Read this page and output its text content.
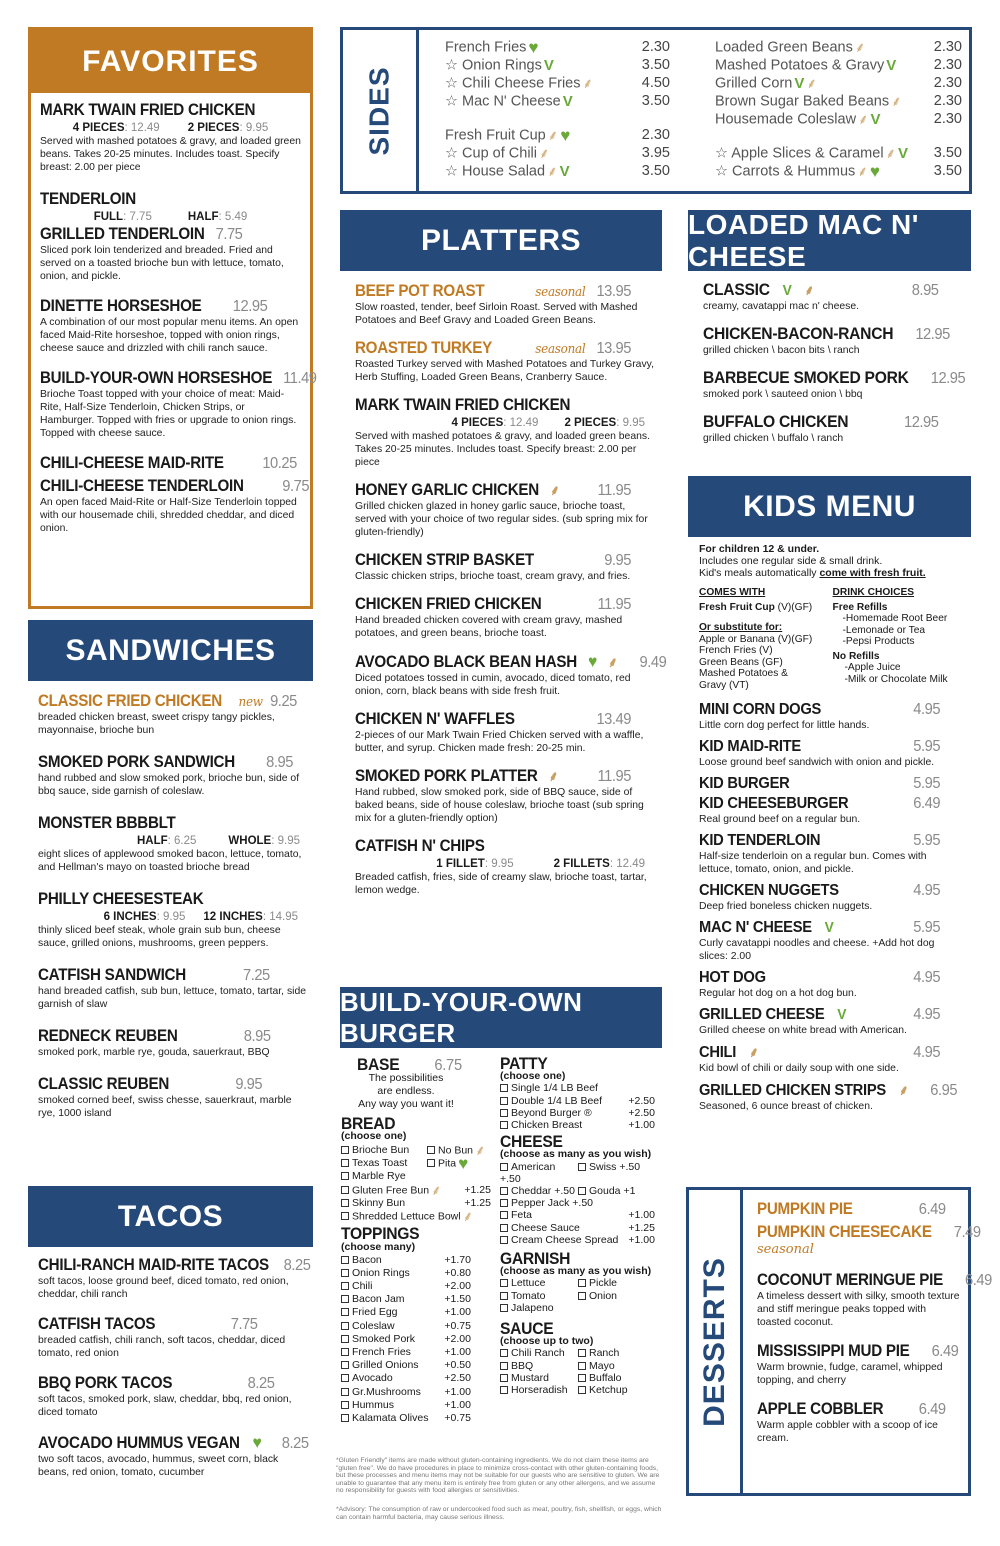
FAVORITES
MARK TWAIN FRIED CHICKEN
4 PIECES: 12.49 2 PIECES: 9.95
Served with mashed potatoes & gravy, and loaded green beans. Takes 20-25 minutes. Includes toast. Specify breast: 2.00 per piece
TENDERLOIN
FULL: 7.75	HALF: 5.49
GRILLED TENDERLOIN 7.75
Sliced pork loin tenderized and breaded. Fried and served on a toasted brioche bun with lettuce, tomato, onion, and pickle.
DINETTE HORSESHOE 12.95
A combination of our most popular menu items. An open faced Maid-Rite horseshoe, topped with onion rings, cheese sauce and drizzled with chili ranch sauce.
BUILD-YOUR-OWN HORSESHOE 11.49
Brioche Toast topped with your choice of meat: Maid-Rite, Half-Size Tenderloin, Chicken Strips, or Hamburger. Topped with fries or upgrade to onion rings. Topped with cheese sauce.
CHILI-CHEESE MAID-RITE 10.25
CHILI-CHEESE TENDERLOIN 9.75
An open faced Maid-Rite or Half-Size Tenderloin topped with our housemade chili, shredded cheddar, and diced onion.
SIDES
French Fries ♥	2.30
☆ Onion Rings V	3.50
☆ Chili Cheese Fries ⸙	4.50
☆ Mac N' Cheese V	3.50
Fresh Fruit Cup ⸙ ♥	2.30
☆ Cup of Chili ⸙	3.95
☆ House Salad ⸙ V	3.50
Loaded Green Beans ⸙	2.30
Mashed Potatoes & Gravy V	2.30
Grilled Corn V ⸙	2.30
Brown Sugar Baked Beans ⸙ 2.30
Housemade Coleslaw ⸙ V	2.30
☆ Apple Slices & Caramel ⸙ V 3.50
☆ Carrots & Hummus ⸙ ♥	3.50
PLATTERS
BEEF POT ROAST	seasonal 13.95
Slow roasted, tender, beef Sirloin Roast. Served with Mashed Potatoes and Beef Gravy and Loaded Green Beans.
ROASTED TURKEY	seasonal 13.95
Roasted Turkey served with Mashed Potatoes and Turkey Gravy, Herb Stuffing, Loaded Green Beans, Cranberry Sauce.
MARK TWAIN FRIED CHICKEN
4 PIECES: 12.49 2 PIECES: 9.95
Served with mashed potatoes & gravy, and loaded green beans. Takes 20-25 minutes. Includes toast. Specify breast: 2.00 per piece
HONEY GARLIC CHICKEN ⸙ 11.95
Grilled chicken glazed in honey garlic sauce, brioche toast, served with your choice of two regular sides. (sub spring mix for gluten-friendly)
CHICKEN STRIP BASKET	9.95
Classic chicken strips, brioche toast, cream gravy, and fries.
CHICKEN FRIED CHICKEN	11.95
Hand breaded chicken covered with cream gravy, mashed potatoes, and green beans, brioche toast.
AVOCADO BLACK BEAN HASH ♥ ⸙ 9.49
Diced potatoes tossed in cumin, avocado, diced tomato, red onion, corn, black beans with side fresh fruit.
CHICKEN N' WAFFLES	13.49
2-pieces of our Mark Twain Fried Chicken served with a waffle, butter, and syrup. Chicken made fresh: 20-25 min.
SMOKED PORK PLATTER ⸙ 11.95
Hand rubbed, slow smoked pork, side of BBQ sauce, side of baked beans, side of house coleslaw, brioche toast (sub spring mix for a gluten-friendly option)
CATFISH N' CHIPS
1 FILLET: 9.95	2 FILLETS: 12.49
Breaded catfish, fries, side of creamy slaw, brioche toast, tartar, lemon wedge.
LOADED MAC N' CHEESE
CLASSIC V ⸙	8.95
creamy, cavatappi mac n' cheese.
CHICKEN-BACON-RANCH 12.95
grilled chicken \ bacon bits \ ranch
BARBECUE SMOKED PORK 12.95
smoked pork \ sauteed onion \ bbq
BUFFALO CHICKEN	12.95
grilled chicken \ buffalo \ ranch
KIDS MENU
For children 12 & under.
Includes one regular side & small drink.
Kid's meals automatically come with fresh fruit.
COMES WITH
Fresh Fruit Cup (V)(GF)
Or substitute for:
Apple or Banana (V)(GF)
French Fries (V)
Green Beans (GF)
Mashed Potatoes &
Gravy (VT)
DRINK CHOICES
Free Refills
-Homemade Root Beer
-Lemonade or Tea
-Pepsi Products
No Refills
-Apple Juice
-Milk or Chocolate Milk
MINI CORN DOGS	4.95
Little corn dog perfect for little hands.
KID MAID-RITE	5.95
Loose ground beef sandwich with onion and pickle.
KID BURGER	5.95
KID CHEESEBURGER	6.49
Real ground beef on a regular bun.
KID TENDERLOIN	5.95
Half-size tenderloin on a regular bun. Comes with lettuce, tomato, onion, and pickle.
CHICKEN NUGGETS	4.95
Deep fried boneless chicken nuggets.
MAC N' CHEESE V	5.95
Curly cavatappi noodles and cheese. +Add hot dog slices: 2.00
HOT DOG	4.95
Regular hot dog on a hot dog bun.
GRILLED CHEESE V	4.95
Grilled cheese on white bread with American.
CHILI ⸙	4.95
Kid bowl of chili or daily soup with one side.
GRILLED CHICKEN STRIPS ⸙ 6.95
Seasoned, 6 ounce breast of chicken.
SANDWICHES
CLASSIC FRIED CHICKEN new 9.25
breaded chicken breast, sweet crispy tangy pickles, mayonnaise, brioche bun
SMOKED PORK SANDWICH 8.95
hand rubbed and slow smoked pork, brioche bun, side of bbq sauce, side garnish of coleslaw.
MONSTER BBBBLT
HALF: 6.25	WHOLE: 9.95
eight slices of applewood smoked bacon, lettuce, tomato, and Hellman's mayo on toasted brioche bread
PHILLY CHEESESTEAK
6 INCHES: 9.95 12 INCHES: 14.95
thinly sliced beef steak, whole grain sub bun, cheese sauce, grilled onions, mushrooms, green peppers.
CATFISH SANDWICH	7.25
hand breaded catfish, sub bun, lettuce, tomato, tartar, side garnish of slaw
REDNECK REUBEN	8.95
smoked pork, marble rye, gouda, sauerkraut, BBQ
CLASSIC REUBEN	9.95
smoked corned beef, swiss chesse, sauerkraut, marble rye, 1000 island
TACOS
CHILI-RANCH MAID-RITE TACOS 8.25
soft tacos, loose ground beef, diced tomato, red onion, cheddar, chili ranch
CATFISH TACOS	7.75
breaded catfish, chili ranch, soft tacos, cheddar, diced tomato, red onion
BBQ PORK TACOS	8.25
soft tacos, smoked pork, slaw, cheddar, bbq, red onion, diced tomato
AVOCADO HUMMUS VEGAN ♥ 8.25
two soft tacos, avocado, hummus, sweet corn, black beans, red onion, tomato, cucumber
BUILD-YOUR-OWN BURGER
BASE 6.75
The possibilities
are endless.
Any way you want it!
BREAD
(choose one)
Brioche Bun	No Bun ⸙
Texas Toast	Pita ♥
Marble Rye
Gluten Free Bun ⸙ +1.25
Skinny Bun	+1.25
Shredded Lettuce Bowl ⸙
TOPPINGS
(choose many)
Bacon	+1.70
Onion Rings	+0.80
Chili	+2.00
Bacon Jam	+1.50
Fried Egg	+1.00
Coleslaw	+0.75
Smoked Pork	+2.00
French Fries	+1.00
Grilled Onions +0.50
Avocado	+2.50
Gr.Mushrooms +1.00
Hummus	+1.00
Kalamata Olives +0.75
PATTY
(choose one)
Single 1/4 LB Beef
Double 1/4 LB Beef	+2.50
Beyond Burger ®	+2.50
Chicken Breast	+1.00
CHEESE
(choose as many as you wish)
American +.50
Swiss +.50
Cheddar +.50	Gouda +1
Pepper Jack +.50
Feta	+1.00
Cheese Sauce	+1.25
Cream Cheese Spread +1.00
GARNISH
(choose as many as you wish)
Lettuce	Pickle
Tomato	Onion
Jalapeno
SAUCE
(choose up to two)
Chili Ranch	Ranch
BBQ	Mayo
Mustard	Buffalo
Horseradish	Ketchup
*Gluten Friendly" items are made without gluten-containing ingredients. We do not claim these items are "gluten free". We do have procedures in place to minimize cross-contact with other gluten-containing foods, but these processes and menu items may not be suitable for our guests who are sensitive to gluten. We are unable to guarantee that any menu item is entirely free from gluten or any other allergens, and we assume no responsibility for guests with food allergies or sensitivities.
*Advisory: The consumption of raw or undercooked food such as meat, poultry, fish, shellfish, or eggs, which can contain harmful bacteria, may cause serious illness.
DESSERTS
PUMPKIN PIE	6.49
PUMPKIN CHEESECAKE 7.49
seasonal
COCONUT MERINGUE PIE 6.49
A timeless dessert with silky, smooth texture and stiff meringue peaks topped with toasted coconut.
MISSISSIPPI MUD PIE 6.49
Warm brownie, fudge, caramel, whipped topping, and cherry
APPLE COBBLER 6.49
Warm apple cobbler with a scoop of ice cream.
